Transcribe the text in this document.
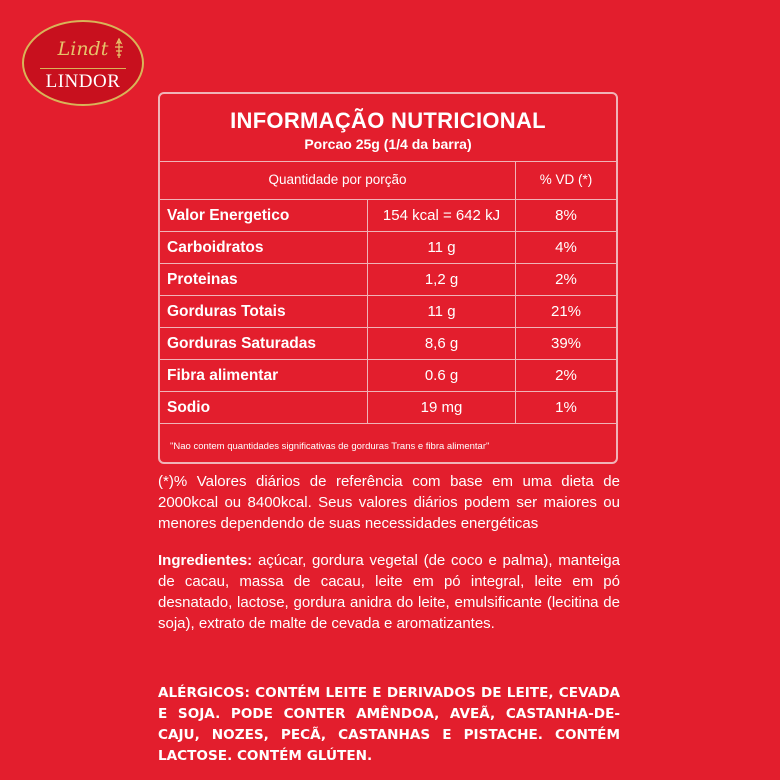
Lindt
LINDOR
INFORMAÇÃO NUTRICIONAL
Porcao 25g (1/4 da barra)
Quantidade por porção	% VD (*)
Valor Energetico	154 kcal = 642 kJ	8%
Carboidratos	11 g	4%
Proteinas	1,2 g	2%
Gorduras Totais	11 g	21%
Gorduras Saturadas	8,6 g	39%
Fibra alimentar	0.6 g	2%
Sodio	19 mg	1%
"Nao contem quantidades significativas de gorduras Trans e fibra alimentar"
(*)% Valores diários de referência com base em uma dieta de 2000kcal ou 8400kcal. Seus valores diários podem ser maiores ou menores dependendo de suas necessidades energéticas
Ingredientes: açúcar, gordura vegetal (de coco e palma), manteiga de cacau, massa de cacau, leite em pó integral, leite em pó desnatado, lactose, gordura anidra do leite, emulsificante (lecitina de soja), extrato de malte de cevada e aromatizantes.
ALÉRGICOS: CONTÉM LEITE E DERIVADOS DE LEITE, CEVADA E SOJA. PODE CONTER AMÊNDOA, AVEÃ, CASTANHA-DE-CAJU, NOZES, PECÃ, CASTANHAS E PISTACHE. CONTÉM LACTOSE. CONTÉM GLÚTEN.
